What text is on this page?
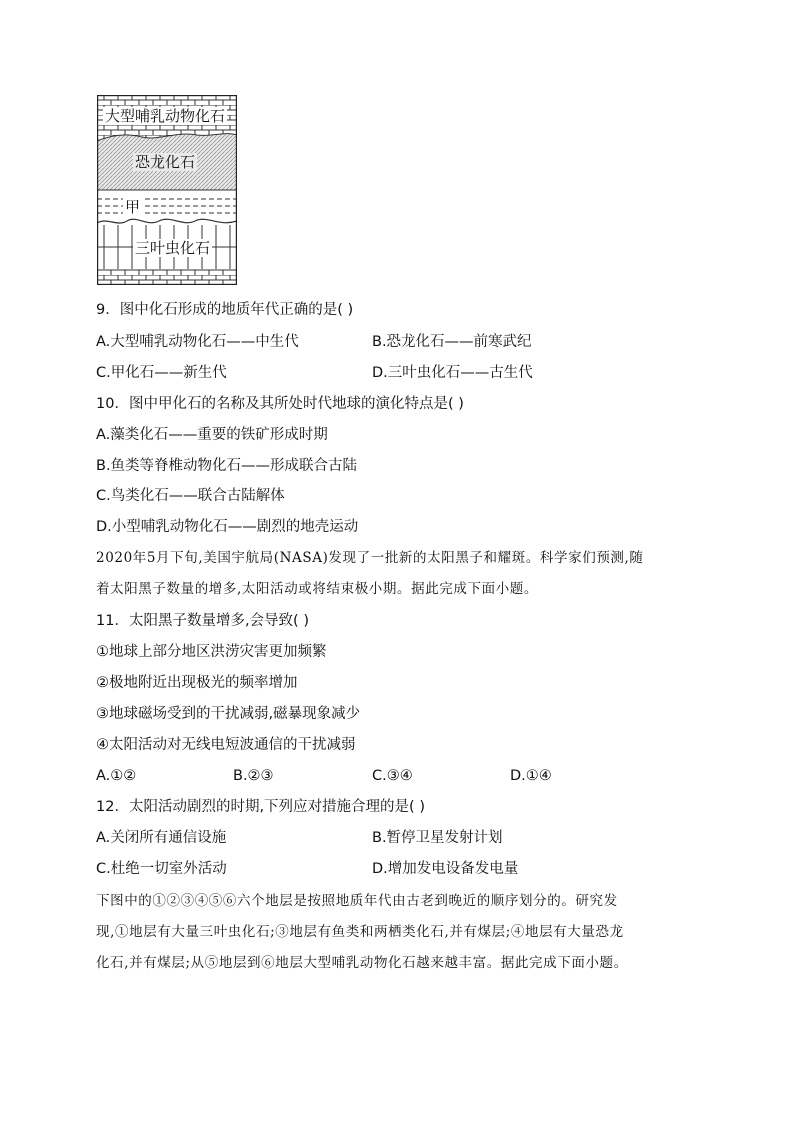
大型哺乳动物化石
恐龙化石
甲
三叶虫化石
9．图中化石形成的地质年代正确的是( )
A.大型哺乳动物化石——中生代	B.恐龙化石——前寒武纪
C.甲化石——新生代	D.三叶虫化石——古生代
10．图中甲化石的名称及其所处时代地球的演化特点是( )
A.藻类化石——重要的铁矿形成时期
B.鱼类等脊椎动物化石——形成联合古陆
C.鸟类化石——联合古陆解体
D.小型哺乳动物化石——剧烈的地壳运动
2020年5月下旬,美国宇航局(NASA)发现了一批新的太阳黑子和耀斑。科学家们预测,随
着太阳黑子数量的增多,太阳活动或将结束极小期。据此完成下面小题。
11．太阳黑子数量增多,会导致( )
①地球上部分地区洪涝灾害更加频繁
②极地附近出现极光的频率增加
③地球磁场受到的干扰减弱,磁暴现象减少
④太阳活动对无线电短波通信的干扰减弱
A.①②	B.②③	C.③④	D.①④
12．太阳活动剧烈的时期,下列应对措施合理的是( )
A.关闭所有通信设施	B.暂停卫星发射计划
C.杜绝一切室外活动	D.增加发电设备发电量
下图中的①②③④⑤⑥六个地层是按照地质年代由古老到晚近的顺序划分的。研究发
现,①地层有大量三叶虫化石;③地层有鱼类和两栖类化石,并有煤层;④地层有大量恐龙
化石,并有煤层;从⑤地层到⑥地层大型哺乳动物化石越来越丰富。据此完成下面小题。
